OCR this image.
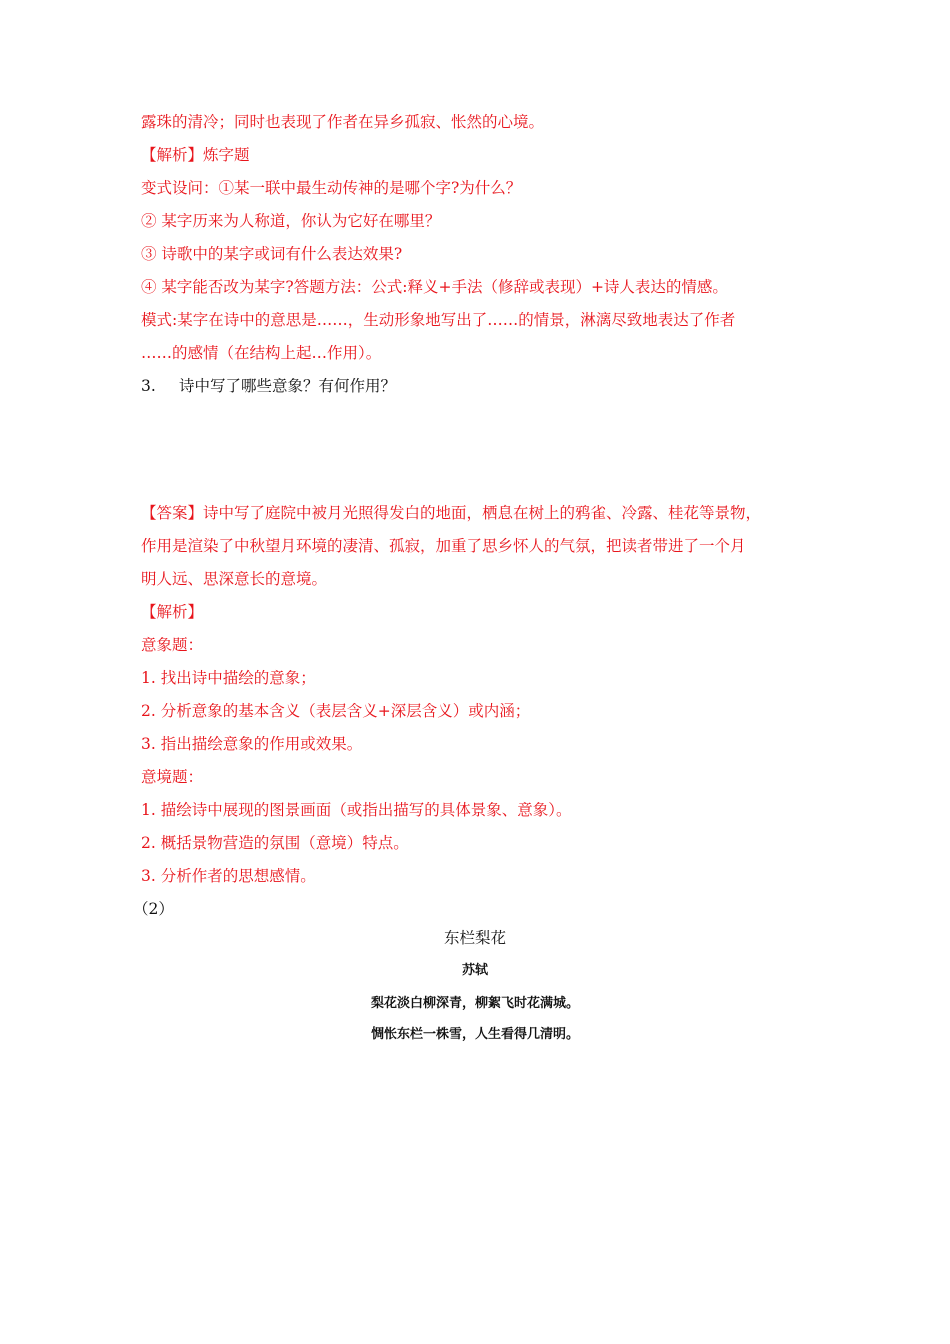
露珠的清冷；同时也表现了作者在异乡孤寂、怅然的心境。
【解析】炼字题
变式设问：①某一联中最生动传神的是哪个字?为什么？
② 某字历来为人称道，你认为它好在哪里？
③ 诗歌中的某字或词有什么表达效果?
④ 某字能否改为某字?答题方法：公式:释义+手法（修辞或表现）+诗人表达的情感。
模式:某字在诗中的意思是……，生动形象地写出了……的情景，淋漓尽致地表达了作者
……的感情（在结构上起…作用）。
3. 诗中写了哪些意象？有何作用？
【答案】诗中写了庭院中被月光照得发白的地面，栖息在树上的鸦雀、冷露、桂花等景物，
作用是渲染了中秋望月环境的凄清、孤寂，加重了思乡怀人的气氛，把读者带进了一个月
明人远、思深意长的意境。
【解析】
意象题：
1. 找出诗中描绘的意象；
2. 分析意象的基本含义（表层含义+深层含义）或内涵；
3. 指出描绘意象的作用或效果。
意境题：
1. 描绘诗中展现的图景画面（或指出描写的具体景象、意象）。
2. 概括景物营造的氛围（意境）特点。
3. 分析作者的思想感情。
（2）
东栏梨花
苏轼
梨花淡白柳深青，柳絮飞时花满城。
惆怅东栏一株雪，人生看得几清明。
